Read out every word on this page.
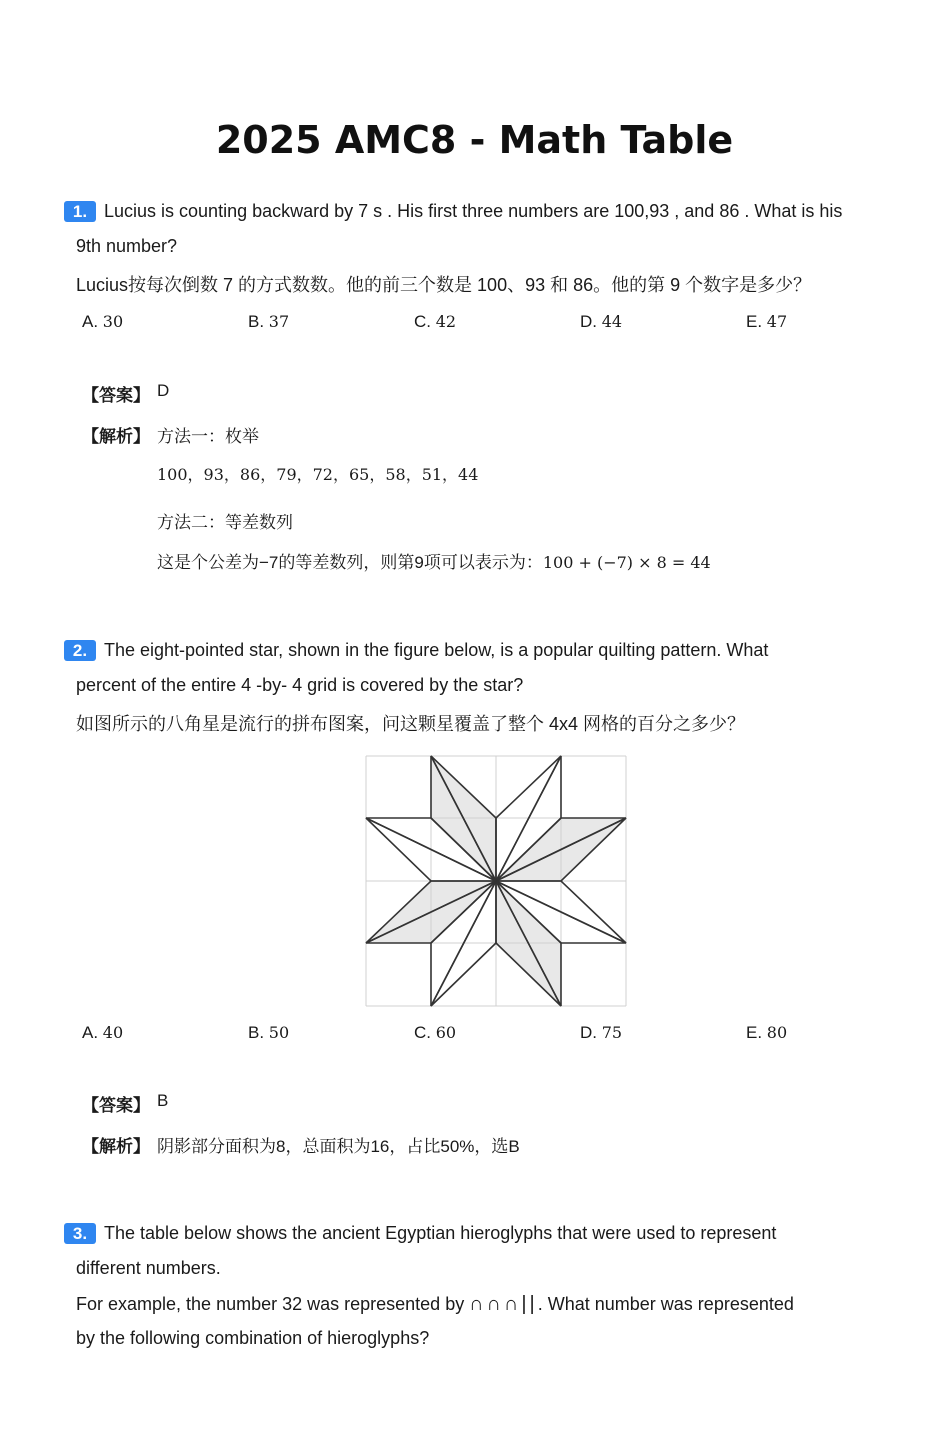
2025 AMC8 - Math Table
1. Lucius is counting backward by 7 s . His first three numbers are 100,93 , and 86 . What is his
9th number?
Lucius按每次倒数 7 的方式数数。他的前三个数是 100、93 和 86。他的第 9 个数字是多少？
A. 30	B. 37	C. 42	D. 44	E. 47
【答案】 D
【解析】 方法一：枚举
100，93，86，79，72，65，58，51，44
方法二：等差数列
这是个公差为−7的等差数列，则第9项可以表示为：100 + (−7) × 8 = 44
2. The eight-pointed star, shown in the figure below, is a popular quilting pattern. What
percent of the entire 4 -by- 4 grid is covered by the star?
如图所示的八角星是流行的拼布图案，问这颗星覆盖了整个 4x4 网格的百分之多少？
A. 40	B. 50	C. 60	D. 75	E. 80
【答案】 B
【解析】 阴影部分面积为8，总面积为16，占比50%，选B
3. The table below shows the ancient Egyptian hieroglyphs that were used to represent
different numbers.
For example, the number 32 was represented by ∩∩∩||. What number was represented
by the following combination of hieroglyphs?
